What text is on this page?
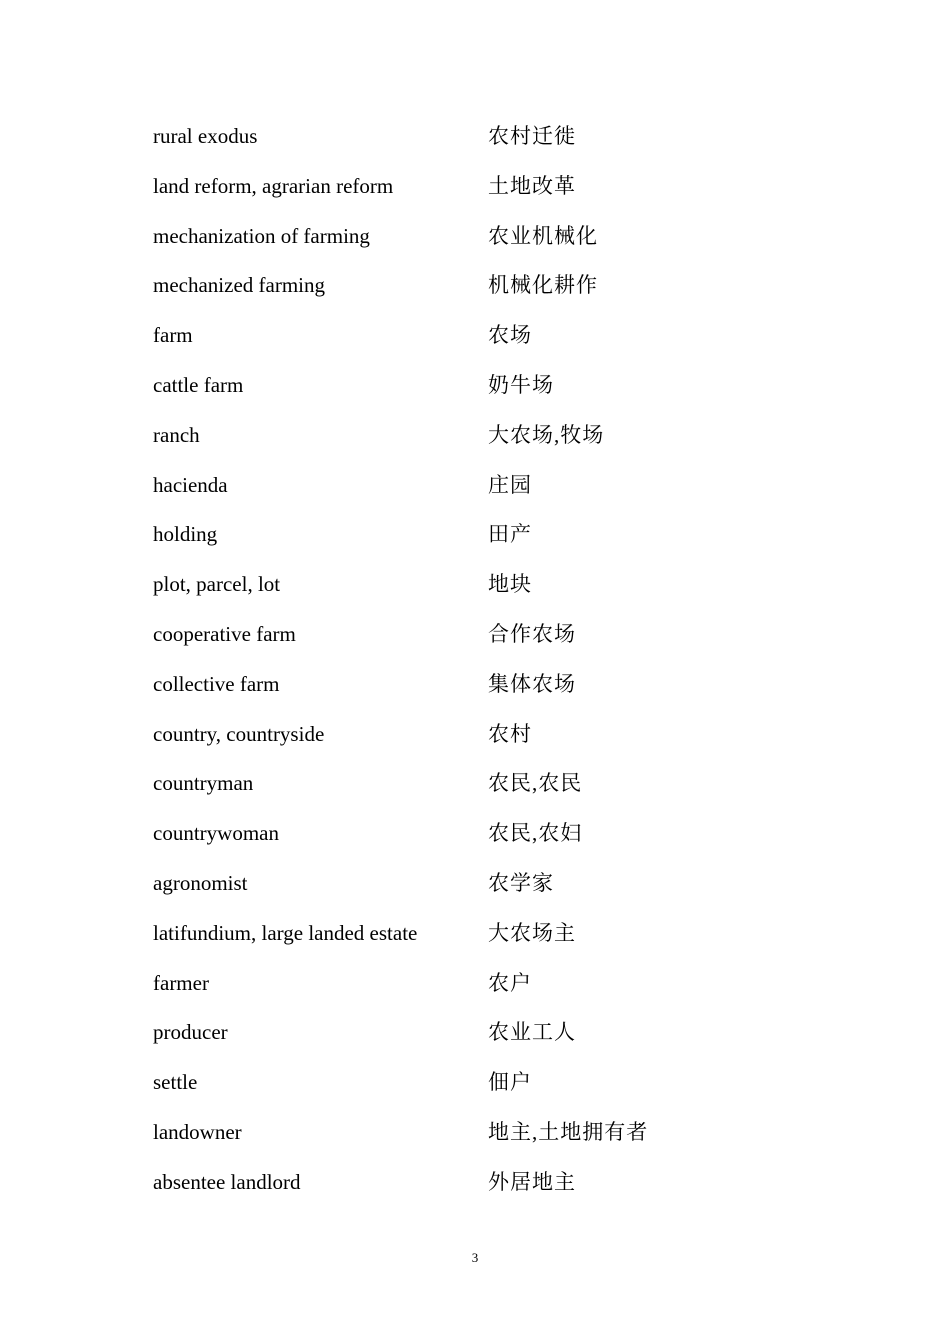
rural exodus	农村迁徙
land reform, agrarian reform	土地改革
mechanization of farming	农业机械化
mechanized farming	机械化耕作
farm	农场
cattle farm	奶牛场
ranch	大农场,牧场
hacienda	庄园
holding	田产
plot, parcel, lot	地块
cooperative farm	合作农场
collective farm	集体农场
country, countryside	农村
countryman	农民,农民
countrywoman	农民,农妇
agronomist	农学家
latifundium, large landed estate	大农场主
farmer	农户
producer	农业工人
settle	佃户
landowner	地主,土地拥有者
absentee landlord	外居地主
3
